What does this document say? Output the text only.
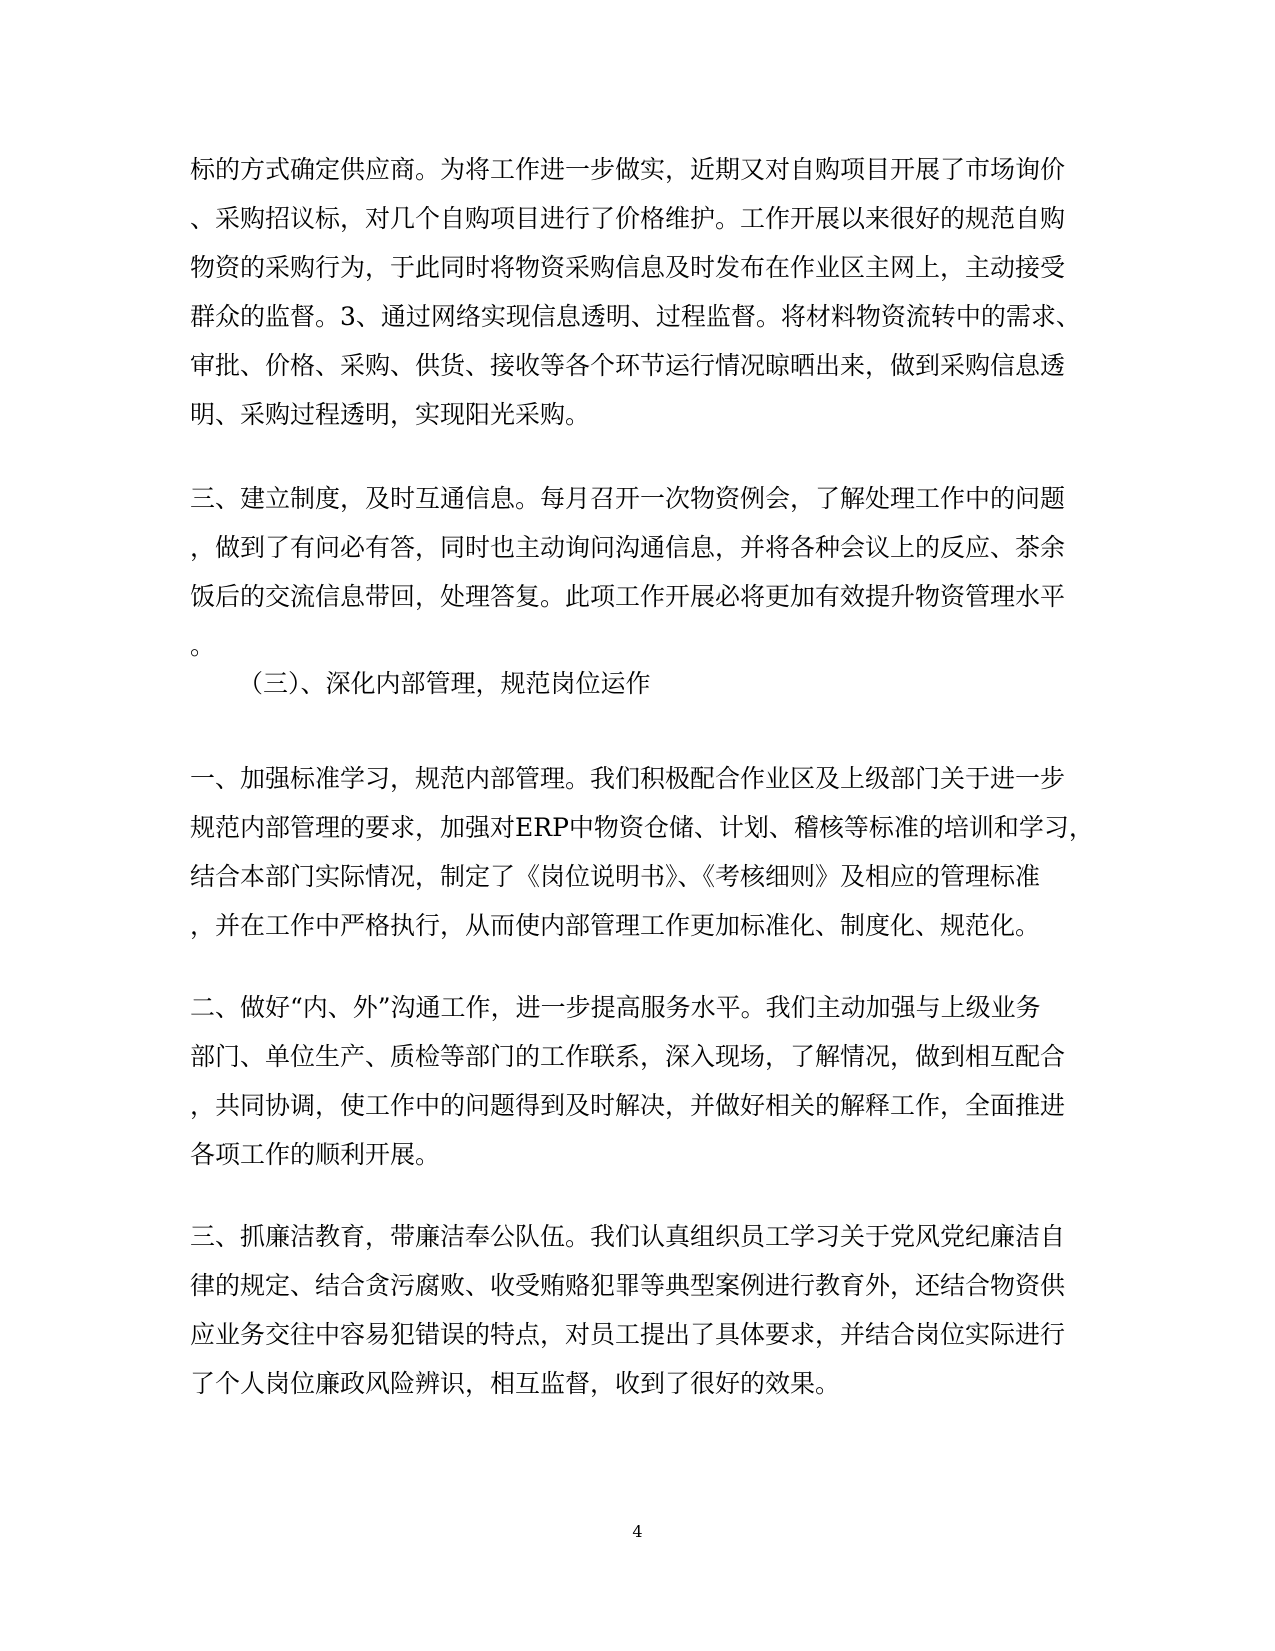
标的方式确定供应商。为将工作进一步做实，近期又对自购项目开展了市场询价
、采购招议标，对几个自购项目进行了价格维护。工作开展以来很好的规范自购
物资的采购行为，于此同时将物资采购信息及时发布在作业区主网上，主动接受
群众的监督。3、通过网络实现信息透明、过程监督。将材料物资流转中的需求、
审批、价格、采购、供货、接收等各个环节运行情况晾晒出来，做到采购信息透
明、采购过程透明，实现阳光采购。
三、建立制度，及时互通信息。每月召开一次物资例会，了解处理工作中的问题
，做到了有问必有答，同时也主动询问沟通信息，并将各种会议上的反应、茶余
饭后的交流信息带回，处理答复。此项工作开展必将更加有效提升物资管理水平
。
（三）、深化内部管理，规范岗位运作
一、加强标准学习，规范内部管理。我们积极配合作业区及上级部门关于进一步
规范内部管理的要求，加强对ERP中物资仓储、计划、稽核等标准的培训和学习，
结合本部门实际情况，制定了《岗位说明书》、《考核细则》及相应的管理标准
，并在工作中严格执行，从而使内部管理工作更加标准化、制度化、规范化。
二、做好“内、外”沟通工作，进一步提高服务水平。我们主动加强与上级业务
部门、单位生产、质检等部门的工作联系，深入现场，了解情况，做到相互配合
，共同协调，使工作中的问题得到及时解决，并做好相关的解释工作，全面推进
各项工作的顺利开展。
三、抓廉洁教育，带廉洁奉公队伍。我们认真组织员工学习关于党风党纪廉洁自
律的规定、结合贪污腐败、收受贿赂犯罪等典型案例进行教育外，还结合物资供
应业务交往中容易犯错误的特点，对员工提出了具体要求，并结合岗位实际进行
了个人岗位廉政风险辨识，相互监督，收到了很好的效果。
4
